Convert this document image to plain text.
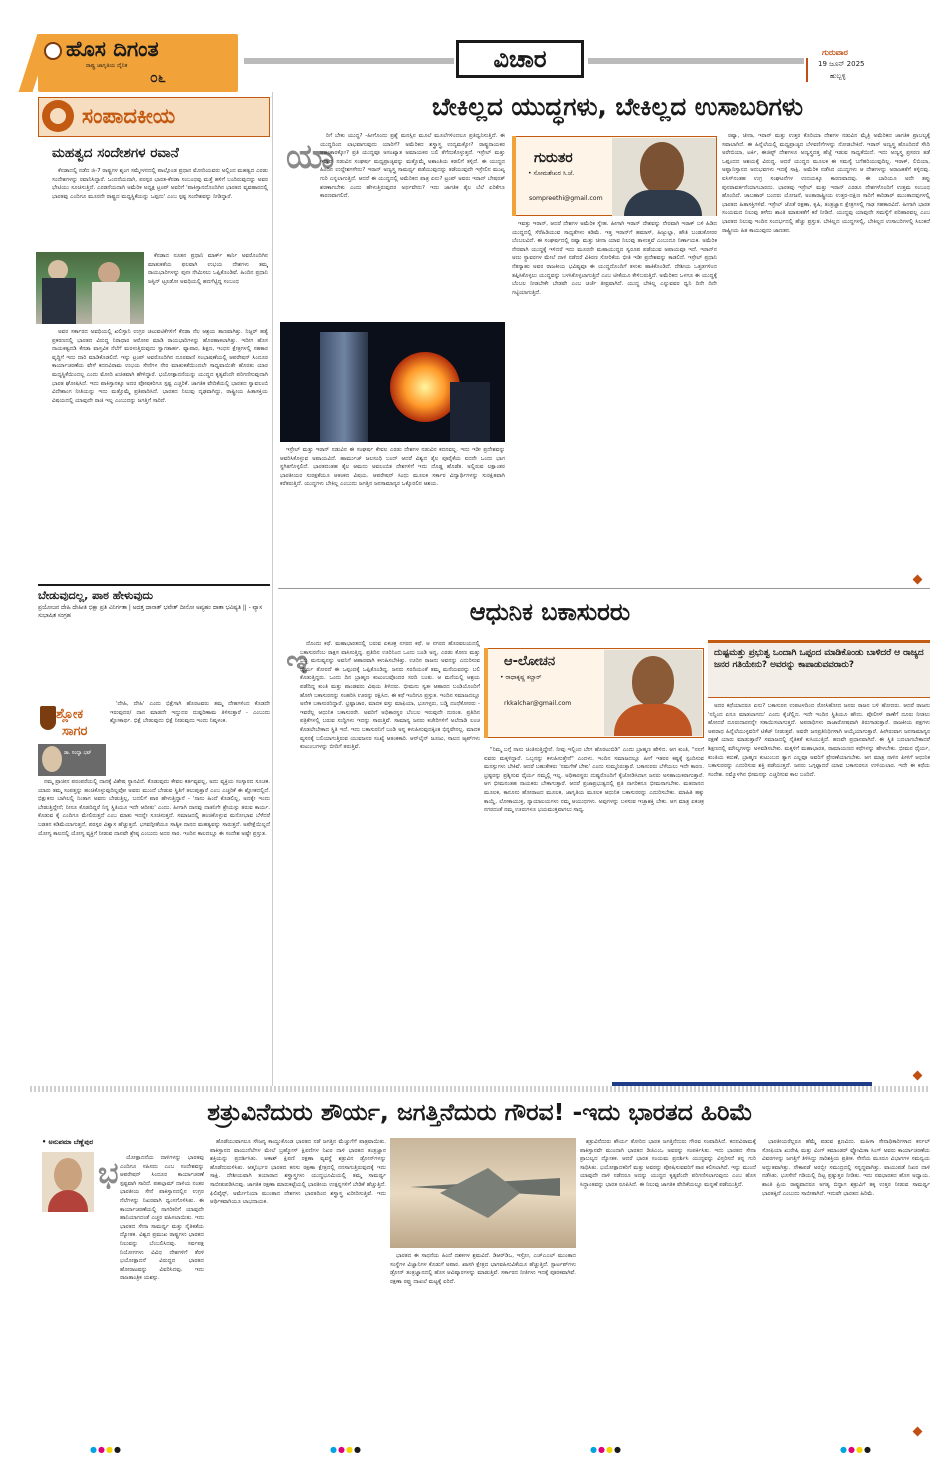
ಹೊಸ ದಿಗಂತ
ರಾಷ್ಟ್ರ ಜಾಗೃತಿಯ ದೈನಿಕ
೦೬
ವಿಚಾರ	ಗುರುವಾರ
19 ಜೂನ್ 2025
ಹುಬ್ಬಳ್ಳಿ
ಸಂಪಾದಕೀಯ
ಮಹತ್ವದ ಸಂದೇಶಗಳ ರವಾನೆ

ಕೆನಡಾದಲ್ಲಿ ನಡೆದ ಜಿ-7 ರಾಷ್ಟ್ರಗಳ ಶೃಂಗ ಸಮ್ಮೇಳನದಲ್ಲಿ ಪಾಲ್ಗೊಂಡ ಪ್ರಧಾನ ಮೋದಿಯವರು ಅಲ್ಲಿಂದ ಮಹತ್ವದ ಎರಡು ಸಂದೇಶಗಳನ್ನು ರವಾನಿಸಿದ್ದಾರೆ. ಒಂದನೆಯದಾಗಿ, ಪರಸ್ಪರ ಭಾರತ-ಕೆನಡಾ ಸಂಬಂಧವು ಮತ್ತೆ ಹಳಿಗೆ ಬಂದಿರುವುದನ್ನು ಅವರ ಭೇಟಿಯು ಸೂಚಿಸುತ್ತಿದೆ. ಎರಡನೆಯದಾಗಿ ಅಮೆರಿಕ ಅಧ್ಯಕ್ಷ ಟ್ರಂಪ್ ಅವರಿಗೆ 'ಪಾಕಿಸ್ತಾನದೊಂದಿಗಿನ ಭಾರತದ ವ್ಯವಹಾರದಲ್ಲಿ ಭಾರತವು ಎಂದಿಗೂ ಮೂರನೇ ರಾಷ್ಟ್ರದ ಮಧ್ಯಸ್ಥಿಕೆಯನ್ನು ಒಪ್ಪದು' ಎಂಬ ಸ್ಪಷ್ಟ ಸಂದೇಶವನ್ನು ನೀಡಿದ್ದಾರೆ.

ಕೆನಡಾದ ನೂತನ ಪ್ರಧಾನಿ ಮಾರ್ಕ್ ಕಾರ್ನಿ ಅವರೊಂದಿಗಿನ ಮಾತುಕತೆಯ ಫಲವಾಗಿ ಉಭಯ ದೇಶಗಳು ತಮ್ಮ ರಾಯಭಾರಿಗಳನ್ನು ಪುನಃ ನೇಮಿಸಲು ಒಪ್ಪಿಕೊಂಡಿವೆ. ಹಿಂದಿನ ಪ್ರಧಾನಿ ಜಸ್ಟಿನ್ ಟ್ರೂಡೋ ಅವಧಿಯಲ್ಲಿ ಹದಗೆಟ್ಟಿದ್ದ ಸಂಬಂಧ

ಅವರ ಸರ್ಕಾರದ ಅವಧಿಯಲ್ಲಿ ಖಲಿಸ್ತಾನಿ ಉಗ್ರರ ಚಟುವಟಿಕೆಗಳಿಗೆ ಕೆನಡಾ ನೆಲ ಆಶ್ರಯ ತಾಣವಾಗಿತ್ತು. ನಿಜ್ಜರ್ ಹತ್ಯೆ ಪ್ರಕರಣದಲ್ಲಿ ಭಾರತದ ವಿರುದ್ಧ ನಿರಾಧಾರ ಆರೋಪ ಮಾಡಿ ರಾಯಭಾರಿಗಳನ್ನು ಹೊರಹಾಕಲಾಗಿತ್ತು. ಇದೀಗ ಹೊಸ ನಾಯಕತ್ವದಡಿ ಕೆನಡಾ ವಾಸ್ತವಿಕ ನೆಲೆಗೆ ಮರಳುತ್ತಿರುವುದು ಸ್ವಾಗತಾರ್ಹ. ವ್ಯಾಪಾರ, ಶಿಕ್ಷಣ, ಇಂಧನ ಕ್ಷೇತ್ರಗಳಲ್ಲಿ ಸಹಕಾರ ವೃದ್ಧಿಗೆ ಇದು ದಾರಿ ಮಾಡಿಕೊಡಲಿದೆ. ಇನ್ನು ಟ್ರಂಪ್ ಅವರೊಂದಿಗಿನ ದೂರವಾಣಿ ಸಂಭಾಷಣೆಯಲ್ಲಿ ಆಪರೇಷನ್ ಸಿಂದೂರ ಕಾರ್ಯಾಚರಣೆಯ ವೇಳೆ ಕದನವಿರಾಮ ಉಭಯ ಸೇನೆಗಳ ನೇರ ಮಾತುಕತೆಯಿಂದಲೇ ಸಾಧ್ಯವಾಯಿತೇ ಹೊರತು ಯಾರ ಮಧ್ಯಸ್ಥಿಕೆಯಿಂದಲ್ಲ ಎಂದು ಮೋದಿ ಖಚಿತವಾಗಿ ಹೇಳಿದ್ದಾರೆ. ಭಯೋತ್ಪಾದನೆಯನ್ನು ಯುದ್ಧದ ಕೃತ್ಯವೆಂದೇ ಪರಿಗಣಿಸುವುದಾಗಿ ಭಾರತ ಘೋಷಿಸಿದೆ. ಇದು ಪಾಕಿಸ್ತಾನಕ್ಕೂ ಅದರ ಪೋಷಕರಿಗೂ ಸ್ಪಷ್ಟ ಎಚ್ಚರಿಕೆ. ಜಾಗತಿಕ ವೇದಿಕೆಯಲ್ಲಿ ಭಾರತದ ಸ್ವಾವಲಂಬಿ ವಿದೇಶಾಂಗ ನೀತಿಯನ್ನು ಇದು ಮತ್ತೊಮ್ಮೆ ಪ್ರತಿಪಾದಿಸಿದೆ. ಭಾರತದ ನಿಲುವು ದೃಢವಾಗಿದ್ದು, ರಾಷ್ಟ್ರೀಯ ಹಿತಾಸಕ್ತಿಯ ವಿಷಯದಲ್ಲಿ ಯಾವುದೇ ರಾಜಿ ಇಲ್ಲ ಎಂಬುದನ್ನು ಜಗತ್ತಿಗೆ ಸಾರಿದೆ.

ಬೇಡುವುದಲ್ಲ, ಪಾಠ ಹೇಳುವುದು
ಪ್ರಯೋಜನ ದೇಹಿ ದೇಹೀತಿ ಭಿಕ್ಷಾ ಪ್ರತಿ ವಿನಿರ್ಗತಾ | ಅದತ್ತ ದಾನಾತ್ ಭವೇತ್ ದೀನೋ ಅಪ್ಯಹಂ ದಾತಾ ಭವಿಷ್ಯತಿ || - ವ್ಯಾಸ ಸುಭಾಷಿತ ಸಂಗ್ರಹ
ಶ್ಲೋಕ
ಸಾಗರ
ಡಾ. ಸಂಧ್ಯಾ ಭಟ್

'ದೇಹಿ, ದೇಹಿ' ಎಂದು ಭಿಕ್ಷೆಗಾಗಿ ಹೊರಟವರು ತಮ್ಮ ದೇಹಗಳಿಂದ ಕೊಡದೇ ಇರುವುದರ/ ದಾನ ಮಾಡದೇ ಇದ್ದುದರ ದುಷ್ಪರಿಣಾಮ ತಿಳಿಸುತ್ತಾರೆ - ಎಂಬುದು ಶ್ಲೋಕಾರ್ಥ. ಭಿಕ್ಷೆ ಬೇಡುವುದು ಭಿಕ್ಷೆ ನೀಡುವುದು ಇಂದು ನಿಷ್ಕಳಂಕ.

ನಮ್ಮ ಪ್ರಾಚೀನ ಪರಂಪರೆಯಲ್ಲಿ ದಾನಕ್ಕೆ ವಿಶೇಷ ಸ್ಥಾನವಿದೆ. ಕೊಡುವುದು ಕೇವಲ ಕರ್ತವ್ಯವಲ್ಲ, ಅದು ವ್ಯಕ್ತಿಯ ಸಂಸ್ಕಾರದ ಸೂಚಕ. ಯಾರು ತಮ್ಮ ಸಂಪತ್ತನ್ನು ಹಂಚಿಕೊಳ್ಳುವುದಿಲ್ಲವೋ ಅವರು ಮುಂದೆ ಬೇಡುವ ಸ್ಥಿತಿಗೆ ತಲುಪುತ್ತಾರೆ ಎಂಬ ಎಚ್ಚರಿಕೆ ಈ ಶ್ಲೋಕದಲ್ಲಿದೆ. ಭಿಕ್ಷುಕನು ಬಾಗಿಲಲ್ಲಿ ನಿಂತಾಗ ಅವನು ಬೇಡುತ್ತಿಲ್ಲ, ಬದಲಿಗೆ ಪಾಠ ಹೇಳುತ್ತಿದ್ದಾನೆ - 'ನಾನು ಹಿಂದೆ ಕೊಡಲಿಲ್ಲ, ಅದಕ್ಕೇ ಇಂದು ಬೇಡುತ್ತಿದ್ದೇನೆ; ನೀನೂ ಕೊಡದಿದ್ದರೆ ನಿನ್ನ ಸ್ಥಿತಿಯೂ ಇದೇ ಆದೀತು' ಎಂದು. ಹೀಗಾಗಿ ದಾನವು ದಾತನಿಗೇ ಶ್ರೇಯಸ್ಸು ತರುವ ಕಾರ್ಯ. ಕೊಡುವ ಕೈ ಎಂದಿಗೂ ಮೇಲಿರುತ್ತದೆ ಎಂಬ ಮಾತು ಇದನ್ನೇ ಸೂಚಿಸುತ್ತದೆ. ಸಮಾಜದಲ್ಲಿ ಹಂಚಿಕೊಳ್ಳುವ ಮನೋಭಾವ ಬೆಳೆದರೆ ಬಡತನ ಕಡಿಮೆಯಾಗುತ್ತದೆ, ಪರಸ್ಪರ ವಿಶ್ವಾಸ ಹೆಚ್ಚುತ್ತದೆ. ಭಗವದ್ಗೀತೆಯೂ ಸಾತ್ವಿಕ ದಾನದ ಮಹತ್ವವನ್ನು ಸಾರುತ್ತದೆ. ಅಪೇಕ್ಷೆಯಿಲ್ಲದೆ ಯೋಗ್ಯ ಕಾಲದಲ್ಲಿ ಯೋಗ್ಯ ವ್ಯಕ್ತಿಗೆ ನೀಡುವ ದಾನವೇ ಶ್ರೇಷ್ಠ ಎಂಬುದು ಅದರ ಸಾರ. ಇಂದಿನ ಕಾಲದಲ್ಲೂ ಈ ಸಂದೇಶ ಅಷ್ಟೇ ಪ್ರಸ್ತುತ.

ಬೇಕಿಲ್ಲದ ಯುದ್ಧಗಳು, ಬೇಕಿಲ್ಲದ ಉಸಾಬರಿಗಳು
ಯಾ

ರಿಗೆ ಬೇಕು ಯುದ್ಧ? -ಹೀಗೊಂದು ಪ್ರಶ್ನೆ ಮನಸ್ಸಿನ ಮೂಲೆ ಮೂಲೆಗಳಿಂದಲೂ ಪ್ರತಿಧ್ವನಿಸುತ್ತಿದೆ. ಈ ಯುದ್ಧದಿಂದ ಲಾಭವಾಗುವುದು ಯಾರಿಗೆ? ಅಮೆರಿಕದ ಶಸ್ತ್ರಾಸ್ತ್ರ ಉದ್ಯಮಕ್ಕೋ? ರಾಷ್ಟ್ರನಾಯಕರ ಅಹಂಕಾರಕ್ಕೋ? ಪ್ರತಿ ಯುದ್ಧವೂ ಅಸಂಖ್ಯಾತ ಅಮಾಯಕರ ಬಲಿ ತೆಗೆದುಕೊಳ್ಳುತ್ತದೆ. ಇಸ್ರೇಲ್ ಮತ್ತು ಇರಾನ್ ನಡುವಿನ ಸಂಘರ್ಷ ಮಧ್ಯಪ್ರಾಚ್ಯವನ್ನು ಮತ್ತೊಮ್ಮೆ ಅಶಾಂತಿಯ ಕಡಲಿಗೆ ತಳ್ಳಿದೆ. ಈ ಯುದ್ಧದ ಹಿಂದಿನ ಉದ್ದೇಶಗಳೇನು? ಇರಾನ್ ಅಣ್ವಸ್ತ್ರ ಸಾಮರ್ಥ್ಯ ಪಡೆಯುವುದನ್ನು ತಡೆಯುವುದೇ ಇಸ್ರೇಲಿನ ಮುಖ್ಯ ಗುರಿ ಎನ್ನಲಾಗುತ್ತಿದೆ. ಆದರೆ ಈ ಯುದ್ಧದಲ್ಲಿ ಅಮೆರಿಕದ ಪಾತ್ರ ಏನು? ಟ್ರಂಪ್ ಅವರು ಇರಾನ್ ಬೇಷರತ್ ಶರಣಾಗಬೇಕು ಎಂದು ಹೇಳುತ್ತಿರುವುದರ ಅರ್ಥವೇನು? ಇದು ಜಾಗತಿಕ ತೈಲ ಬೆಲೆ ಏರಿಕೆಗೂ ಕಾರಣವಾಗಲಿದೆ.

ಗುರುತರ
• ಸೋಮಶೇಖರ ಸಿ.ಜೆ.
sompreethi@gmail.com

ಇಸ್ರೇಲ್ ಮತ್ತು ಇರಾನ್ ನಡುವಿನ ಈ ಸಂಘರ್ಷ ಕೇವಲ ಎರಡು ದೇಶಗಳ ನಡುವಿನ ಕದನವಲ್ಲ. ಇದು ಇಡೀ ಪ್ರದೇಶವನ್ನು ಆವರಿಸಿಕೊಳ್ಳುವ ಅಪಾಯವಿದೆ. ಹಾರ್ಮುಜ್ ಜಲಸಂಧಿ ಬಂದ್ ಆದರೆ ವಿಶ್ವದ ತೈಲ ಪೂರೈಕೆಯ ಐದನೇ ಒಂದು ಭಾಗ ಸ್ಥಗಿತಗೊಳ್ಳಲಿದೆ. ಭಾರತದಂತಹ ತೈಲ ಆಮದು ಅವಲಂಬಿತ ದೇಶಗಳಿಗೆ ಇದು ದೊಡ್ಡ ಹೊಡೆತ. ಅಲ್ಲಿರುವ ಲಕ್ಷಾಂತರ ಭಾರತೀಯರ ಸುರಕ್ಷತೆಯೂ ಆತಂಕದ ವಿಷಯ. ಆಪರೇಷನ್ ಸಿಂಧು ಮೂಲಕ ಸರ್ಕಾರ ವಿದ್ಯಾರ್ಥಿಗಳನ್ನು ಸುರಕ್ಷಿತವಾಗಿ ಕರೆತರುತ್ತಿದೆ. ಯುದ್ಧಗಳು ಬೇಕಿಲ್ಲ ಎಂಬುದು ಜಗತ್ತಿನ ಜನಸಾಮಾನ್ಯರ ಒಕ್ಕೊರಲಿನ ಆಶಯ.

ಇವತ್ತು ಇರಾನ್, ಆದರೆ ದೇಶಗಳ ಅಮೆರಿಕ ಸ್ನೇಹ. ಹೀಗಾಗಿ ಇರಾನ್ ದೇಶವನ್ನು ನೇರವಾಗಿ ಇರಾಕ್ ಬಳಿ ಹಿಡಿದ ಯುದ್ಧದಲ್ಲಿ ಸೆರೆಹಿಡಿಯುವ ಸಾಧ್ಯತೆಗಳು ಕಡಿಮೆ. ಇತ್ತ ಇರಾನ್‌ಗೆ ಹಮಾಸ್, ಹಿಜ್ಬುಲ್ಲಾ, ಹೌತಿ ಬಂಡುಕೋರರ ಬೆಂಬಲವಿದೆ. ಈ ಸಂಘರ್ಷದಲ್ಲಿ ರಷ್ಯಾ ಮತ್ತು ಚೀನಾ ಯಾವ ನಿಲುವು ತಾಳುತ್ತವೆ ಎಂಬುದೂ ನಿರ್ಣಾಯಕ. ಅಮೆರಿಕ ನೇರವಾಗಿ ಯುದ್ಧಕ್ಕೆ ಇಳಿದರೆ ಇದು ಮೂರನೇ ಮಹಾಯುದ್ಧದ ಸ್ವರೂಪ ಪಡೆಯುವ ಅಪಾಯವೂ ಇದೆ. ಇರಾನ್‌ನ ಅಣು ಸ್ಥಾವರಗಳ ಮೇಲೆ ದಾಳಿ ನಡೆದರೆ ವಿಕಿರಣ ಸೋರಿಕೆಯ ಭೀತಿ ಇಡೀ ಪ್ರದೇಶವನ್ನು ಕಾಡಲಿದೆ. ಇಸ್ರೇಲ್ ಪ್ರಧಾನಿ ನೆತನ್ಯಾಹು ಅವರ ರಾಜಕೀಯ ಭವಿಷ್ಯವೂ ಈ ಯುದ್ಧದೊಂದಿಗೆ ತಳುಕು ಹಾಕಿಕೊಂಡಿದೆ. ದೇಶೀಯ ಒತ್ತಡಗಳಿಂದ ತಪ್ಪಿಸಿಕೊಳ್ಳಲು ಯುದ್ಧವನ್ನು ಬಳಸಿಕೊಳ್ಳಲಾಗುತ್ತಿದೆ ಎಂಬ ಟೀಕೆಯೂ ಕೇಳಿಬರುತ್ತಿದೆ. ಅಮೆರಿಕದ ಒಳಗೂ ಈ ಯುದ್ಧಕ್ಕೆ ಬೆಂಬಲ ನೀಡಬೇಕೇ ಬೇಡವೇ ಎಂಬ ಚರ್ಚೆ ತೀವ್ರವಾಗಿದೆ. ಯುದ್ಧ ಬೇಕಿಲ್ಲ ಎನ್ನುವವರ ಧ್ವನಿ ದಿನೇ ದಿನೇ ಗಟ್ಟಿಯಾಗುತ್ತಿದೆ.

ರಷ್ಯಾ, ಚೀನಾ, ಇರಾನ್ ಮತ್ತು ಉತ್ತರ ಕೊರಿಯಾ ದೇಶಗಳ ನಡುವಿನ ಮೈತ್ರಿ ಅಮೆರಿಕದ ಜಾಗತಿಕ ಪ್ರಾಬಲ್ಯಕ್ಕೆ ಸವಾಲಾಗಿದೆ. ಈ ಹಿನ್ನೆಲೆಯಲ್ಲಿ ಮಧ್ಯಪ್ರಾಚ್ಯದ ಬೆಳವಣಿಗೆಗಳನ್ನು ನೋಡಬೇಕಿದೆ. ಇರಾನ್ ಅಣ್ವಸ್ತ್ರ ಹೊಂದಿದರೆ ಸೌದಿ ಅರೇಬಿಯಾ, ಟರ್ಕಿ, ಈಜಿಪ್ಟ್ ದೇಶಗಳೂ ಅಣ್ವಸ್ತ್ರದತ್ತ ಹೆಜ್ಜೆ ಇಡುವ ಸಾಧ್ಯತೆಯಿದೆ. ಇದು ಅಣ್ವಸ್ತ್ರ ಪ್ರಸರಣ ತಡೆ ಒಪ್ಪಂದದ ಆಶಯಕ್ಕೆ ವಿರುದ್ಧ. ಆದರೆ ಯುದ್ಧದ ಮೂಲಕ ಈ ಸಮಸ್ಯೆ ಬಗೆಹರಿಯುವುದಿಲ್ಲ. ಇರಾಕ್, ಲಿಬಿಯಾ, ಅಫ್ಘಾನಿಸ್ತಾನದ ಅನುಭವಗಳು ಇದಕ್ಕೆ ಸಾಕ್ಷಿ. ಅಮೆರಿಕ ನಡೆಸಿದ ಯುದ್ಧಗಳು ಆ ದೇಶಗಳನ್ನು ಅರಾಜಕತೆಗೆ ತಳ್ಳಿದವು. ಐಸಿಸ್‌ನಂತಹ ಉಗ್ರ ಸಂಘಟನೆಗಳ ಉದಯಕ್ಕೂ ಕಾರಣವಾದವು. ಈ ಬಾರಿಯೂ ಅದೇ ತಪ್ಪು ಪುನರಾವರ್ತನೆಯಾಗಬಾರದು. ಭಾರತವು ಇಸ್ರೇಲ್ ಮತ್ತು ಇರಾನ್ ಎರಡೂ ದೇಶಗಳೊಂದಿಗೆ ಉತ್ತಮ ಸಂಬಂಧ ಹೊಂದಿದೆ. ಚಾಬಹಾರ್ ಬಂದರು ಯೋಜನೆ, ಅಂತಾರಾಷ್ಟ್ರೀಯ ಉತ್ತರ-ದಕ್ಷಿಣ ಸಾರಿಗೆ ಕಾರಿಡಾರ್ ಮುಂತಾದವುಗಳಲ್ಲಿ ಭಾರತದ ಹಿತಾಸಕ್ತಿಗಳಿವೆ. ಇಸ್ರೇಲ್ ಜೊತೆ ರಕ್ಷಣಾ, ಕೃಷಿ, ತಂತ್ರಜ್ಞಾನ ಕ್ಷೇತ್ರಗಳಲ್ಲಿ ಗಾಢ ಸಹಕಾರವಿದೆ. ಹೀಗಾಗಿ ಭಾರತ ಸಂಯಮದ ನಿಲುವು ತಳೆದು ಶಾಂತಿ ಮಾತುಕತೆಗೆ ಕರೆ ನೀಡಿದೆ. ಯುದ್ಧವು ಯಾವುದೇ ಸಮಸ್ಯೆಗೆ ಪರಿಹಾರವಲ್ಲ ಎಂಬ ಭಾರತದ ನಿಲುವು ಇಂದಿನ ಸಂದರ್ಭದಲ್ಲಿ ಹೆಚ್ಚು ಪ್ರಸ್ತುತ. ಬೇಕಿಲ್ಲದ ಯುದ್ಧಗಳಲ್ಲಿ, ಬೇಕಿಲ್ಲದ ಉಸಾಬರಿಗಳಲ್ಲಿ ಸಿಲುಕದೆ ರಾಷ್ಟ್ರೀಯ ಹಿತ ಕಾಯುವುದು ಜಾಣತನ.

ಆಧುನಿಕ ಬಕಾಸುರರು
ಇ

ದೊಂದು ಕಥೆ. ಮಹಾಭಾರತದಲ್ಲಿ ಬರುವ ಏಕಚಕ್ರ ನಗರದ ಕಥೆ. ಆ ನಗರದ ಹೊರವಲಯದಲ್ಲಿ ಬಕಾಸುರನೆಂಬ ರಾಕ್ಷಸ ವಾಸಿಸುತ್ತಿದ್ದ. ಪ್ರತಿದಿನ ಊರಿನಿಂದ ಒಂದು ಬಂಡಿ ಅನ್ನ, ಎರಡು ಕೋಣ ಮತ್ತು ಒಬ್ಬ ಮನುಷ್ಯನನ್ನು ಅವನಿಗೆ ಆಹಾರವಾಗಿ ಕಳುಹಿಸಬೇಕಿತ್ತು. ಊರಿನ ರಾಜನು ಅವನನ್ನು ಎದುರಿಸುವ ಧೈರ್ಯ ತೋರದೆ ಈ ಒಪ್ಪಂದಕ್ಕೆ ಒಪ್ಪಿಕೊಂಡಿದ್ದ. ಜನರು ಸರದಿಯಂತೆ ತಮ್ಮ ಮನೆಯವರನ್ನು ಬಲಿ ಕೊಡುತ್ತಿದ್ದರು. ಒಂದು ದಿನ ಬ್ರಾಹ್ಮಣ ಕುಟುಂಬವೊಂದರ ಸರದಿ ಬಂತು. ಆ ಮನೆಯಲ್ಲಿ ಆಶ್ರಯ ಪಡೆದಿದ್ದ ಕುಂತಿ ಮತ್ತು ಪಾಂಡವರು ವಿಷಯ ತಿಳಿದರು. ಭೀಮನು ಸ್ವತಃ ಆಹಾರದ ಬಂಡಿಯೊಂದಿಗೆ ಹೋಗಿ ಬಕಾಸುರನನ್ನು ಸಂಹರಿಸಿ ಊರನ್ನು ರಕ್ಷಿಸಿದ. ಈ ಕಥೆ ಇಂದಿಗೂ ಪ್ರಸ್ತುತ. ಇಂದಿನ ಸಮಾಜದಲ್ಲೂ ಅನೇಕ ಬಕಾಸುರರಿದ್ದಾರೆ. ಭ್ರಷ್ಟಾಚಾರ, ಮಾದಕ ವಸ್ತು ಮಾಫಿಯಾ, ಭೂಗಳ್ಳರು, ಬಡ್ಡಿ ದಂಧೆಕೋರರು - ಇವರೆಲ್ಲ ಆಧುನಿಕ ಬಕಾಸುರರೇ. ಅವರಿಗೆ ಅಧಿಕಾರಸ್ಥರ ಬೆಂಬಲ ಇರುವುದೇ ದುರಂತ. ಪ್ರತಿದಿನ ಪತ್ರಿಕೆಗಳಲ್ಲಿ ಬರುವ ಸುದ್ದಿಗಳು ಇದನ್ನು ಸಾರುತ್ತಿವೆ. ಸಾಮಾನ್ಯ ಜನರು ಕಚೇರಿಗಳಿಗೆ ಅಲೆದಾಡಿ ಲಂಚ ಕೊಡಲೇಬೇಕಾದ ಸ್ಥಿತಿ ಇದೆ. ಇದು ಬಕಾಸುರನಿಗೆ ಬಂಡಿ ಅನ್ನ ಕಳುಹಿಸುವುದಕ್ಕಿಂತ ಭಿನ್ನವೇನಲ್ಲ. ಮಾದಕ ವ್ಯಸನಕ್ಕೆ ಬಲಿಯಾಗುತ್ತಿರುವ ಯುವಜನರ ಸಂಖ್ಯೆ ಆತಂಕಕಾರಿ. ಆನ್‌ಲೈನ್ ಜೂಜು, ಸಾಲದ ಆ್ಯಪ್‌ಗಳು ಕುಟುಂಬಗಳನ್ನು ಬೀದಿಗೆ ತರುತ್ತಿವೆ.

ಆ-ಲೋಚನ
• ರಾಧಾಕೃಷ್ಣ ಕಲ್ಚಾರ್
rkkalchar@gmail.com

"ನಿಮ್ಮ ಬಗ್ಗೆ ನಾನು ಚಿಂತಿಸುತ್ತಿದ್ದೇನೆ. ನೀವು ಇಲ್ಲಿಂದ ಬೇಗ ಹೊರಟುಬಿಡಿ" ಎಂದು ಬ್ರಾಹ್ಮಣ ಹೇಳಿದ. ಆಗ ಕುಂತಿ, "ನನಗೆ ಐವರು ಮಕ್ಕಳಿದ್ದಾರೆ. ಒಬ್ಬನನ್ನು ಕಳುಹಿಸುತ್ತೇನೆ" ಎಂದಳು. ಇಂದಿನ ಸಮಾಜದಲ್ಲೂ ಹೀಗೆ ಇತರರ ಕಷ್ಟಕ್ಕೆ ಸ್ಪಂದಿಸುವ ಮನಸ್ಸುಗಳು ಬೇಕಿವೆ. ಆದರೆ ಬಹುತೇಕರು 'ನಮಗೇಕೆ ಬೇಕು' ಎಂದು ಸುಮ್ಮನಿರುತ್ತಾರೆ. ಬಕಾಸುರರು ಬೆಳೆಯಲು ಇದೇ ಕಾರಣ. ಭ್ರಷ್ಟರನ್ನು ಪ್ರಶ್ನಿಸುವ ಧೈರ್ಯ ನಮ್ಮಲ್ಲಿ ಇಲ್ಲ. ಅಧಿಕಾರಸ್ಥರು ದುಷ್ಟರೊಂದಿಗೆ ಕೈಜೋಡಿಸಿದಾಗ ಜನರು ಅಸಹಾಯಕರಾಗುತ್ತಾರೆ. ಆಗ ಭೀಮನಂತಹ ನಾಯಕರು ಬೇಕಾಗುತ್ತಾರೆ. ಆದರೆ ಪ್ರಜಾಪ್ರಭುತ್ವದಲ್ಲಿ ಪ್ರತಿ ನಾಗರಿಕನೂ ಭೀಮನಾಗಬೇಕು. ಮತದಾನದ ಮೂಲಕ, ಕಾನೂನು ಹೋರಾಟದ ಮೂಲಕ, ಜಾಗೃತಿಯ ಮೂಲಕ ಆಧುನಿಕ ಬಕಾಸುರರನ್ನು ಎದುರಿಸಬೇಕು. ಮಾಹಿತಿ ಹಕ್ಕು ಕಾಯ್ದೆ, ಲೋಕಾಯುಕ್ತ, ನ್ಯಾಯಾಲಯಗಳು ನಮ್ಮ ಆಯುಧಗಳು. ಅವುಗಳನ್ನು ಬಳಸುವ ಇಚ್ಛಾಶಕ್ತಿ ಬೇಕು. ಆಗ ಮಾತ್ರ ಏಕಚಕ್ರ ನಗರದಂತೆ ನಮ್ಮ ಊರುಗಳೂ ಭಯಮುಕ್ತವಾಗಲು ಸಾಧ್ಯ.

ದುಷ್ಟಮತ್ತು ಪ್ರಭುತ್ವ ಒಂದಾಗಿ ಒಪ್ಪಂದ ಮಾಡಿಕೊಂಡು ಬಾಳಿದರೆ ಆ ರಾಜ್ಯದ ಜನರ ಗತಿಯೇನು? ಅವರನ್ನು ಕಾಪಾಡುವವರಾರು?

ಅದರ ಕಥೆಯಾದರೂ ಏನು? ಬಕಾಸುರನ ಉಪಟಳದಿಂದ ರೋಸಿಹೋದ ಜನರು ರಾಜನ ಬಳಿ ಹೋದರು. ಆದರೆ ರಾಜನು 'ನನ್ನಿಂದ ಏನೂ ಮಾಡಲಾಗದು' ಎಂದು ಕೈಚೆಲ್ಲಿದ. ಇದೇ ಇಂದಿನ ಸ್ಥಿತಿಯೂ ಹೌದು. ಪೊಲೀಸ್ ಠಾಣೆಗೆ ದೂರು ನೀಡಲು ಹೋದರೆ ದೂರುದಾರನನ್ನೇ ಸತಾಯಿಸಲಾಗುತ್ತದೆ. ಅಪರಾಧಿಗಳು ರಾಜಾರೋಷವಾಗಿ ತಿರುಗಾಡುತ್ತಾರೆ. ರಾಜಕೀಯ ಪಕ್ಷಗಳು ಅಪರಾಧ ಹಿನ್ನೆಲೆಯುಳ್ಳವರಿಗೆ ಟಿಕೆಟ್ ನೀಡುತ್ತವೆ. ಅವರೇ ಜನಪ್ರತಿನಿಧಿಗಳಾಗಿ ಆಯ್ಕೆಯಾಗುತ್ತಾರೆ. ಹೀಗಿರುವಾಗ ಜನಸಾಮಾನ್ಯರ ರಕ್ಷಣೆ ಯಾರು ಮಾಡುತ್ತಾರೆ? ಸಮಾಜದಲ್ಲಿ ನೈತಿಕತೆ ಕುಸಿಯುತ್ತಿದೆ. ಹಣವೇ ಪ್ರಧಾನವಾಗಿದೆ. ಈ ಸ್ಥಿತಿ ಬದಲಾಗಬೇಕಾದರೆ ಶಿಕ್ಷಣದಲ್ಲಿ ಮೌಲ್ಯಗಳನ್ನು ಅಳವಡಿಸಬೇಕು. ಮಕ್ಕಳಿಗೆ ಮಹಾಭಾರತ, ರಾಮಾಯಣದ ಕಥೆಗಳನ್ನು ಹೇಳಬೇಕು. ಭೀಮನ ಧೈರ್ಯ, ಕುಂತಿಯ ಕರುಣೆ, ಬ್ರಾಹ್ಮಣ ಕುಟುಂಬದ ತ್ಯಾಗ ಎಲ್ಲವೂ ಅವರಿಗೆ ಪ್ರೇರಣೆಯಾಗಬೇಕು. ಆಗ ಮಾತ್ರ ನಾಳಿನ ಪೀಳಿಗೆ ಆಧುನಿಕ ಬಕಾಸುರರನ್ನು ಎದುರಿಸುವ ಶಕ್ತಿ ಪಡೆಯುತ್ತದೆ. ಜನರು ಒಗ್ಗಟ್ಟಾದರೆ ಯಾವ ಬಕಾಸುರನೂ ಉಳಿಯಲಾರ. ಇದೇ ಈ ಕಥೆಯ ಸಂದೇಶ. ನಮ್ಮೊಳಗಿನ ಭೀಮನನ್ನು ಎಚ್ಚರಿಸುವ ಕಾಲ ಬಂದಿದೆ.

ಶತ್ರುವಿನೆದುರು ಶೌರ್ಯ, ಜಗತ್ತಿನೆದುರು ಗೌರವ! -ಇದು ಭಾರತದ ಹಿರಿಮೆ
• ಅನುಪಮಾ ಬೆಣ್ಣೆಪುರ
ಭ	ಯೋತ್ಪಾದನೆಯ ದಾಳಿಗಳನ್ನು ಭಾರತವು ಎಂದಿಗೂ ಸಹಿಸದು ಎಂಬ ಸಂದೇಶವನ್ನು ಆಪರೇಷನ್ ಸಿಂದೂರ ಕಾರ್ಯಾಚರಣೆ ಸ್ಪಷ್ಟವಾಗಿ ಸಾರಿದೆ. ಪಹಲ್ಗಾಮ್ ದಾಳಿಯ ನಂತರ ಭಾರತೀಯ ಸೇನೆ ಪಾಕಿಸ್ತಾನದಲ್ಲಿನ ಉಗ್ರರ ನೆಲೆಗಳನ್ನು ನಿಖರವಾಗಿ ಧ್ವಂಸಗೊಳಿಸಿತು. ಈ ಕಾರ್ಯಾಚರಣೆಯಲ್ಲಿ ನಾಗರಿಕರಿಗೆ ಯಾವುದೇ ಹಾನಿಯಾಗದಂತೆ ಎಚ್ಚರ ವಹಿಸಲಾಯಿತು. ಇದು ಭಾರತದ ಸೇನಾ ಸಾಮರ್ಥ್ಯ ಮತ್ತು ನೈತಿಕತೆಯ ದ್ಯೋತಕ. ವಿಶ್ವದ ಪ್ರಮುಖ ರಾಷ್ಟ್ರಗಳು ಭಾರತದ ನಿಲುವನ್ನು ಬೆಂಬಲಿಸಿದವು. ಸರ್ವಪಕ್ಷ ನಿಯೋಗಗಳು ವಿವಿಧ ದೇಶಗಳಿಗೆ ತೆರಳಿ ಭಯೋತ್ಪಾದನೆ ವಿರುದ್ಧದ ಭಾರತದ ಹೋರಾಟವನ್ನು ವಿವರಿಸಿದವು. ಇದು ರಾಜತಾಂತ್ರಿಕ ಯಶಸ್ಸು.

ಹೊಡೆಯುವಾಗಲೂ ಸೌಜನ್ಯ ಕಾಯ್ದುಕೊಂಡ ಭಾರತದ ನಡೆ ಜಗತ್ತಿನ ಮೆಚ್ಚುಗೆಗೆ ಪಾತ್ರವಾಯಿತು. ಪಾಕಿಸ್ತಾನದ ವಾಯುನೆಲೆಗಳ ಮೇಲೆ ಬ್ರಹ್ಮೋಸ್ ಕ್ಷಿಪಣಿಗಳ ನಿಖರ ದಾಳಿ ಭಾರತದ ತಂತ್ರಜ್ಞಾನ ಶಕ್ತಿಯನ್ನು ಪ್ರದರ್ಶಿಸಿತು. ಆಕಾಶ್ ಕ್ಷಿಪಣಿ ರಕ್ಷಣಾ ವ್ಯವಸ್ಥೆ ಶತ್ರುವಿನ ಡ್ರೋನ್‌ಗಳನ್ನು ಹೊಡೆದುರುಳಿಸಿತು. ಆತ್ಮನಿರ್ಭರ ಭಾರತದ ಕನಸು ರಕ್ಷಣಾ ಕ್ಷೇತ್ರದಲ್ಲಿ ನನಸಾಗುತ್ತಿರುವುದಕ್ಕೆ ಇದು ಸಾಕ್ಷಿ. ದೇಶೀಯವಾಗಿ ತಯಾರಾದ ಶಸ್ತ್ರಾಸ್ತ್ರಗಳು ಯುದ್ಧಭೂಮಿಯಲ್ಲಿ ತಮ್ಮ ಸಾಮರ್ಥ್ಯ ಸಾಬೀತುಪಡಿಸಿದವು. ಜಾಗತಿಕ ರಕ್ಷಣಾ ಮಾರುಕಟ್ಟೆಯಲ್ಲಿ ಭಾರತೀಯ ಉತ್ಪನ್ನಗಳಿಗೆ ಬೇಡಿಕೆ ಹೆಚ್ಚುತ್ತಿದೆ. ಫಿಲಿಪೈನ್ಸ್, ಅರ್ಮೇನಿಯಾ ಮುಂತಾದ ದೇಶಗಳು ಭಾರತದಿಂದ ಶಸ್ತ್ರಾಸ್ತ್ರ ಖರೀದಿಸುತ್ತಿವೆ. ಇದು ಆರ್ಥಿಕವಾಗಿಯೂ ಲಾಭದಾಯಕ.

ಭಾರತದ ಈ ಸಾಧನೆಯ ಹಿಂದೆ ದಶಕಗಳ ಶ್ರಮವಿದೆ. ಡಿಆರ್‌ಡಿಒ, ಇಸ್ರೋ, ಎಚ್‌ಎಎಲ್ ಮುಂತಾದ ಸಂಸ್ಥೆಗಳ ವಿಜ್ಞಾನಿಗಳ ಕೊಡುಗೆ ಅಪಾರ. ಖಾಸಗಿ ಕ್ಷೇತ್ರದ ಭಾಗವಹಿಸುವಿಕೆಯೂ ಹೆಚ್ಚುತ್ತಿದೆ. ಸ್ಟಾರ್ಟಪ್‌ಗಳು ಡ್ರೋನ್ ತಂತ್ರಜ್ಞಾನದಲ್ಲಿ ಹೊಸ ಆವಿಷ್ಕಾರಗಳನ್ನು ಮಾಡುತ್ತಿವೆ. ಸರ್ಕಾರದ ನೀತಿಗಳು ಇದಕ್ಕೆ ಪೂರಕವಾಗಿವೆ. ರಕ್ಷಣಾ ರಫ್ತು ದಾಖಲೆ ಮಟ್ಟಕ್ಕೆ ಏರಿದೆ.

ಶತ್ರುವಿನೆದುರು ಶೌರ್ಯ ತೋರಿದ ಭಾರತ ಜಗತ್ತಿನೆದುರು ಗೌರವ ಸಂಪಾದಿಸಿದೆ. ಕದನವಿರಾಮಕ್ಕೆ ಪಾಕಿಸ್ತಾನವೇ ಮುಂದಾಗಿ ಭಾರತದ ಡಿಜಿಎಂಒ ಅವರನ್ನು ಸಂಪರ್ಕಿಸಿತು. ಇದು ಭಾರತದ ಸೇನಾ ಪ್ರಾಬಲ್ಯದ ದ್ಯೋತಕ. ಆದರೆ ಭಾರತ ಸಂಯಮ ಪ್ರದರ್ಶಿಸಿ ಯುದ್ಧವನ್ನು ವಿಸ್ತರಿಸದೆ ತನ್ನ ಗುರಿ ಸಾಧಿಸಿತು. ಭಯೋತ್ಪಾದಕರಿಗೆ ಮತ್ತು ಅವರನ್ನು ಪೋಷಿಸುವವರಿಗೆ ಪಾಠ ಕಲಿಸಲಾಗಿದೆ. ಇನ್ನು ಮುಂದೆ ಯಾವುದೇ ದಾಳಿ ನಡೆದರೂ ಅದನ್ನು ಯುದ್ಧದ ಕೃತ್ಯವೆಂದೇ ಪರಿಗಣಿಸಲಾಗುವುದು ಎಂಬ ಹೊಸ ಸಿದ್ಧಾಂತವನ್ನು ಭಾರತ ರೂಪಿಸಿದೆ. ಈ ನಿಲುವು ಜಾಗತಿಕ ವೇದಿಕೆಯಲ್ಲೂ ಮನ್ನಣೆ ಪಡೆಯುತ್ತಿದೆ.

ಭಾರತೀಯರೆಲ್ಲರೂ ಹೆಮ್ಮೆ ಪಡುವ ಕ್ಷಣವಿದು. ಮಹಿಳಾ ಸೇನಾಧಿಕಾರಿಗಳಾದ ಕರ್ನಲ್ ಸೋಫಿಯಾ ಖುರೇಷಿ ಮತ್ತು ವಿಂಗ್ ಕಮಾಂಡರ್ ವ್ಯೋಮಿಕಾ ಸಿಂಗ್ ಅವರು ಕಾರ್ಯಾಚರಣೆಯ ವಿವರಗಳನ್ನು ಜಗತ್ತಿಗೆ ತಿಳಿಸಿದ್ದು ನಾರಿಶಕ್ತಿಯ ಪ್ರತೀಕ. ಸೇನೆಯ ಮೂರೂ ವಿಭಾಗಗಳ ಸಮನ್ವಯ ಅದ್ಭುತವಾಗಿತ್ತು. ನೌಕಾಪಡೆ ಅರಬ್ಬೀ ಸಮುದ್ರದಲ್ಲಿ ಸನ್ನದ್ಧವಾಗಿತ್ತು. ವಾಯುಪಡೆ ನಿಖರ ದಾಳಿ ನಡೆಸಿತು. ಭೂಸೇನೆ ಗಡಿಯಲ್ಲಿ ದಿಟ್ಟ ಪ್ರತ್ಯುತ್ತರ ನೀಡಿತು. ಇದು ನವಭಾರತದ ಹೊಸ ಅಧ್ಯಾಯ. ಶಾಂತಿ ಪ್ರಿಯ ರಾಷ್ಟ್ರವಾದರೂ ಅಗತ್ಯ ಬಿದ್ದಾಗ ಶತ್ರುವಿಗೆ ತಕ್ಕ ಉತ್ತರ ನೀಡುವ ಸಾಮರ್ಥ್ಯ ಭಾರತಕ್ಕಿದೆ ಎಂಬುದು ಸಾಬೀತಾಗಿದೆ. ಇದುವೇ ಭಾರತದ ಹಿರಿಮೆ.

●●●●	●●●●	●●●●	●●●●
